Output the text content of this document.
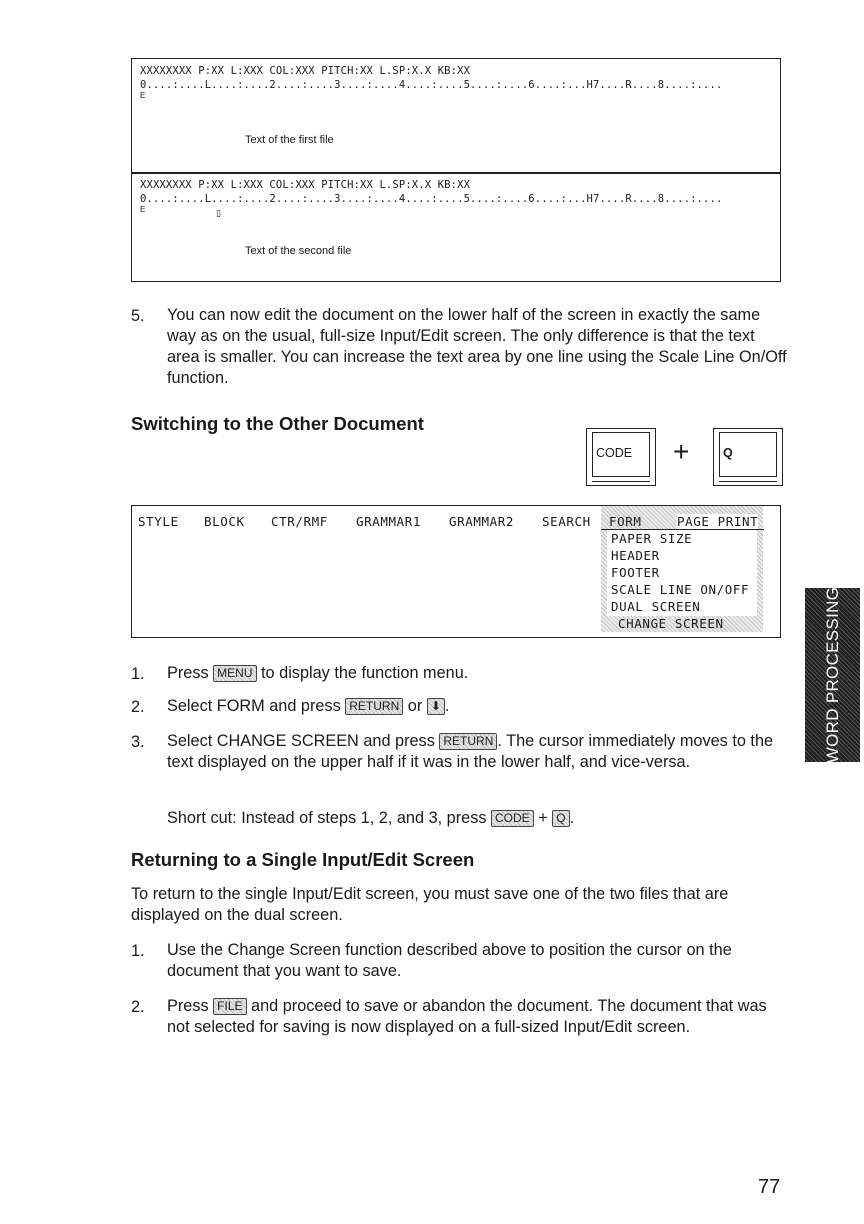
XXXXXXXX P:XX L:XXX COL:XXX PITCH:XX L.SP:X.X KB:XX
0....:....L....:....2....:....3....:....4....:....5....:....6....:...H7....R....8....:....
E
Text of the first file
XXXXXXXX P:XX L:XXX COL:XXX PITCH:XX L.SP:X.X KB:XX
0....:....L....:....2....:....3....:....4....:....5....:....6....:...H7....R....8....:....
E	▯
Text of the second file
5. You can now edit the document on the lower half of the screen in exactly the same way as on the usual, full-size Input/Edit screen. The only difference is that the text area is smaller. You can increase the text area by one line using the Scale Line On/Off function.
Switching to the Other Document
CODE	+	Q
STYLE BLOCK CTR/RMF GRAMMAR1 GRAMMAR2 SEARCH FORM
PAPER SIZE
HEADER
FOOTER
SCALE LINE ON/OFF
DUAL SCREEN
CHANGE SCREEN
PAGE PRINT
1. Press MENU to display the function menu.
2. Select FORM and press RETURN or ⬇ .
3. Select CHANGE SCREEN and press RETURN . The cursor immediately moves to the text displayed on the upper half if it was in the lower half, and vice-versa.
Short cut: Instead of steps 1, 2, and 3, press CODE + Q .
Returning to a Single Input/Edit Screen
To return to the single Input/Edit screen, you must save one of the two files that are displayed on the dual screen.
1. Use the Change Screen function described above to position the cursor on the document that you want to save.
2. Press FILE and proceed to save or abandon the document. The document that was not selected for saving is now displayed on a full-sized Input/Edit screen.
WORD PROCESSING
77
